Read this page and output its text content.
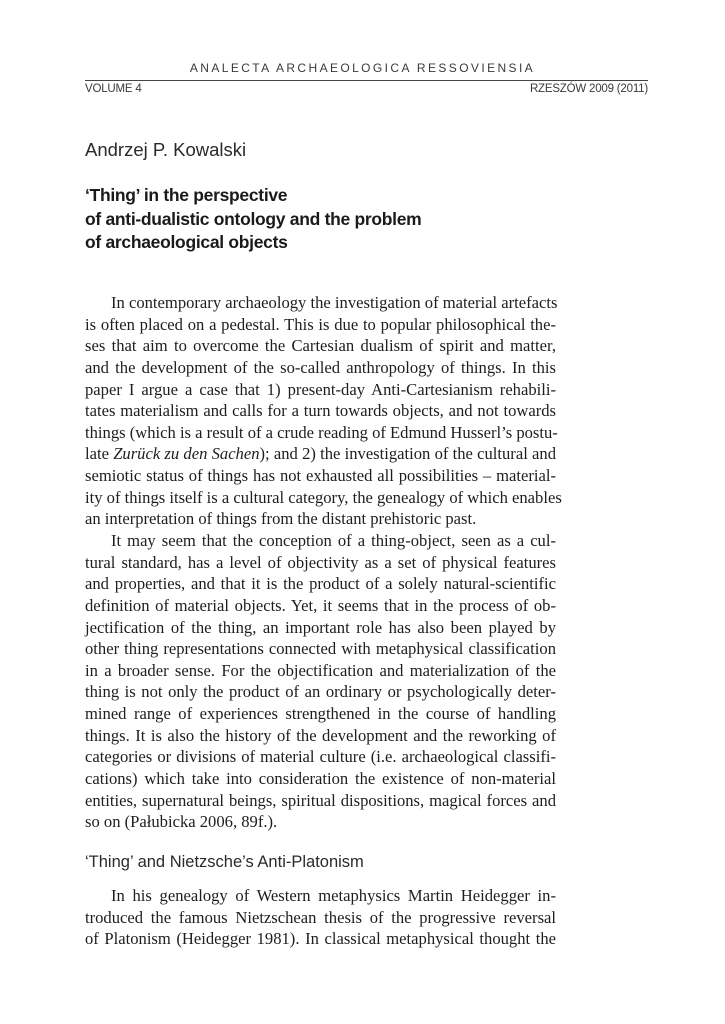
ANALECTA ARCHAEOLOGICA RESSOVIENSIA
VOLUME 4	RZESZÓW 2009 (2011)
Andrzej P. Kowalski
‘Thing’ in the perspective
of anti-dualistic ontology and the problem
of archaeological objects
In contemporary archaeology the investigation of material artefacts
is often placed on a pedestal. This is due to popular philosophical the-
ses that aim to overcome the Cartesian dualism of spirit and matter,
and the development of the so-called anthropology of things. In this
paper I argue a case that 1) present-day Anti-Cartesianism rehabili-
tates materialism and calls for a turn towards objects, and not towards
things (which is a result of a crude reading of Edmund Husserl’s postu-
late Zurück zu den Sachen); and 2) the investigation of the cultural and
semiotic status of things has not exhausted all possibilities – material-
ity of things itself is a cultural category, the genealogy of which enables
an interpretation of things from the distant prehistoric past.
It may seem that the conception of a thing-object, seen as a cul-
tural standard, has a level of objectivity as a set of physical features
and properties, and that it is the product of a solely natural-scientific
definition of material objects. Yet, it seems that in the process of ob-
jectification of the thing, an important role has also been played by
other thing representations connected with metaphysical classification
in a broader sense. For the objectification and materialization of the
thing is not only the product of an ordinary or psychologically deter-
mined range of experiences strengthened in the course of handling
things. It is also the history of the development and the reworking of
categories or divisions of material culture (i.e. archaeological classifi-
cations) which take into consideration the existence of non-material
entities, supernatural beings, spiritual dispositions, magical forces and
so on (Pałubicka 2006, 89f.).
‘Thing’ and Nietzsche’s Anti-Platonism
In his genealogy of Western metaphysics Martin Heidegger in-
troduced the famous Nietzschean thesis of the progressive reversal
of Platonism (Heidegger 1981). In classical metaphysical thought the
